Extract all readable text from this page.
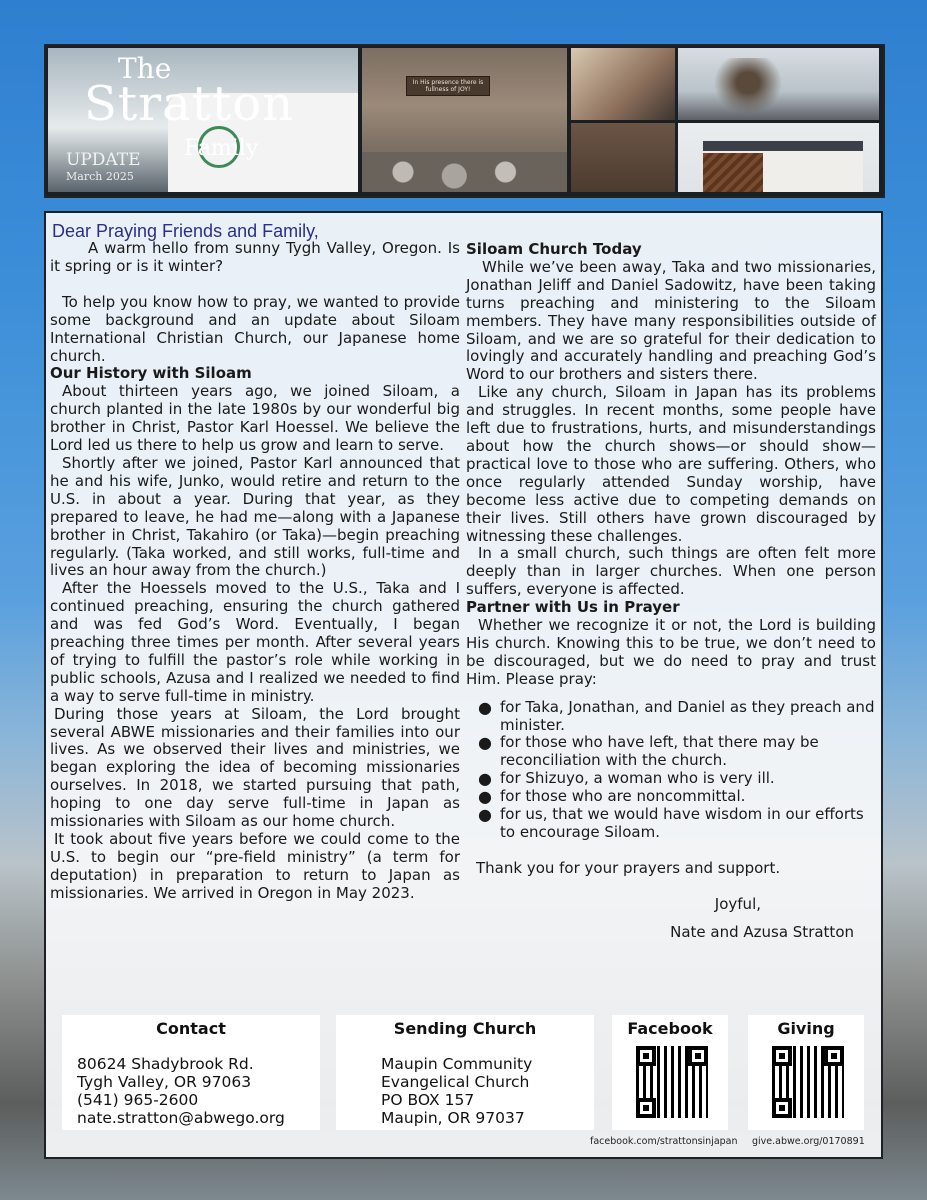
In His presence there is fullness of JOY!
The
Stratton
UPDATE Family
March 2025
Dear Praying Friends and Family,

A warm hello from sunny Tygh Valley, Oregon. Is it spring or is it winter?

To help you know how to pray, we wanted to provide some background and an update about Siloam International Christian Church, our Japanese home church.

Our History with Siloam

About thirteen years ago, we joined Siloam, a church planted in the late 1980s by our wonderful big brother in Christ, Pastor Karl Hoessel. We believe the Lord led us there to help us grow and learn to serve.

Shortly after we joined, Pastor Karl announced that he and his wife, Junko, would retire and return to the U.S. in about a year. During that year, as they prepared to leave, he had me—along with a Japanese brother in Christ, Takahiro (or Taka)—begin preaching regularly. (Taka worked, and still works, full-time and lives an hour away from the church.)

After the Hoessels moved to the U.S., Taka and I continued preaching, ensuring the church gathered and was fed God’s Word. Eventually, I began preaching three times per month. After several years of trying to fulfill the pastor’s role while working in public schools, Azusa and I realized we needed to find a way to serve full-time in ministry.

During those years at Siloam, the Lord brought several ABWE missionaries and their families into our lives. As we observed their lives and ministries, we began exploring the idea of becoming missionaries ourselves. In 2018, we started pursuing that path, hoping to one day serve full-time in Japan as missionaries with Siloam as our home church.

It took about five years before we could come to the U.S. to begin our “pre-field ministry” (a term for deputation) in preparation to return to Japan as missionaries. We arrived in Oregon in May 2023.

Siloam Church Today

While we’ve been away, Taka and two missionaries, Jonathan Jeliff and Daniel Sadowitz, have been taking turns preaching and ministering to the Siloam members. They have many responsibilities outside of Siloam, and we are so grateful for their dedication to lovingly and accurately handling and preaching God’s Word to our brothers and sisters there.

Like any church, Siloam in Japan has its problems and struggles. In recent months, some people have left due to frustrations, hurts, and misunderstandings about how the church shows—or should show—practical love to those who are suffering. Others, who once regularly attended Sunday worship, have become less active due to competing demands on their lives. Still others have grown discouraged by witnessing these challenges.

In a small church, such things are often felt more deeply than in larger churches. When one person suffers, everyone is affected.

Partner with Us in Prayer

Whether we recognize it or not, the Lord is building His church. Knowing this to be true, we don’t need to be discouraged, but we do need to pray and trust Him. Please pray:

● for Taka, Jonathan, and Daniel as they preach and minister.
● for those who have left, that there may be reconciliation with the church.
● for Shizuyo, a woman who is very ill.
● for those who are noncommittal.
● for us, that we would have wisdom in our efforts to encourage Siloam.
Thank you for your prayers and support.
Joyful,
Nate and Azusa Stratton
Contact
80624 Shadybrook Rd.
Tygh Valley, OR 97063
(541) 965-2600
nate.stratton@abwego.org
Sending Church
Maupin Community
Evangelical Church
PO BOX 157
Maupin, OR 97037
Facebook	Giving
facebook.com/strattonsinjapan give.abwe.org/0170891
